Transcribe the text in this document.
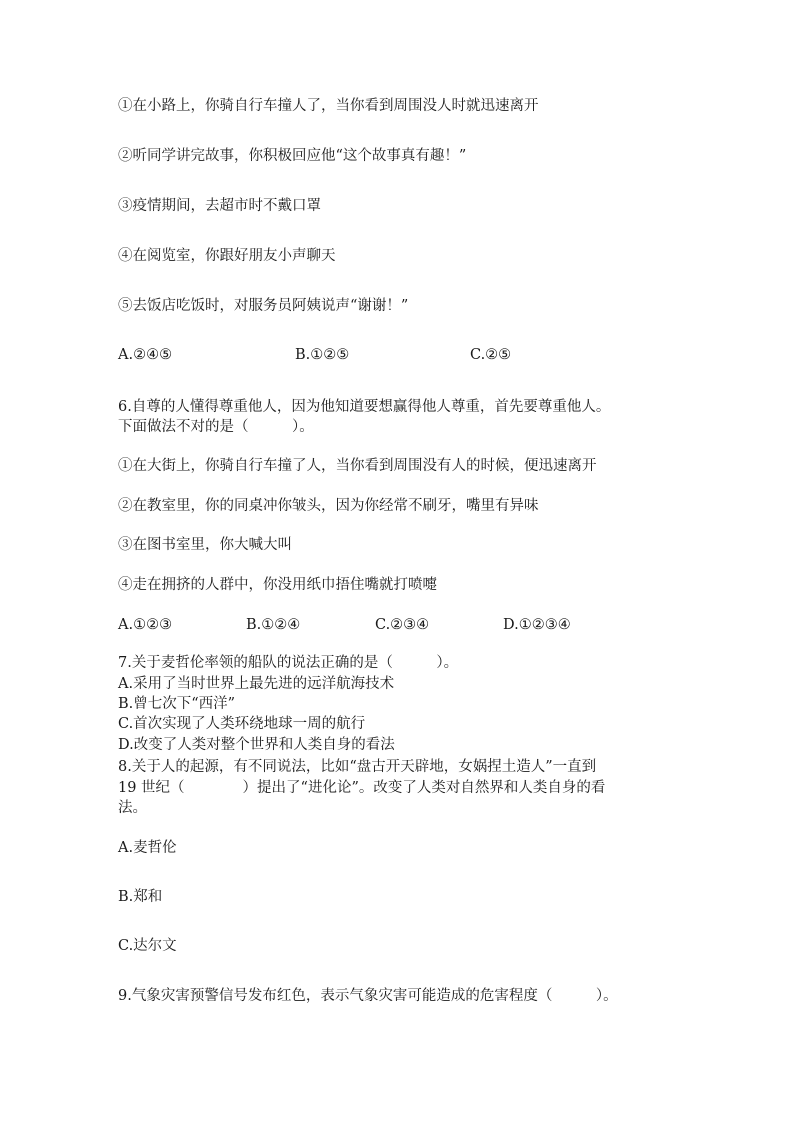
①在小路上，你骑自行车撞人了，当你看到周围没人时就迅速离开
②听同学讲完故事，你积极回应他“这个故事真有趣！”
③疫情期间，去超市时不戴口罩
④在阅览室，你跟好朋友小声聊天
⑤去饭店吃饭时，对服务员阿姨说声“谢谢！”
A.②④⑤	B.①②⑤	C.②⑤
6.自尊的人懂得尊重他人，因为他知道要想赢得他人尊重，首先要尊重他人。
下面做法不对的是（　　　）。
①在大街上，你骑自行车撞了人，当你看到周围没有人的时候，便迅速离开
②在教室里，你的同桌冲你皱头，因为你经常不刷牙，嘴里有异味
③在图书室里，你大喊大叫
④走在拥挤的人群中，你没用纸巾捂住嘴就打喷嚏
A.①②③	B.①②④	C.②③④	D.①②③④
7.关于麦哲伦率领的船队的说法正确的是（　　　）。
A.采用了当时世界上最先进的远洋航海技术
B.曾七次下“西洋”
C.首次实现了人类环绕地球一周的航行
D.改变了人类对整个世界和人类自身的看法
8.关于人的起源，有不同说法，比如“盘古开天辟地，女娲捏土造人”一直到
19 世纪（　　　　）提出了“进化论”。改变了人类对自然界和人类自身的看
法。
A.麦哲伦
B.郑和
C.达尔文
9.气象灾害预警信号发布红色，表示气象灾害可能造成的危害程度（　　　）。
